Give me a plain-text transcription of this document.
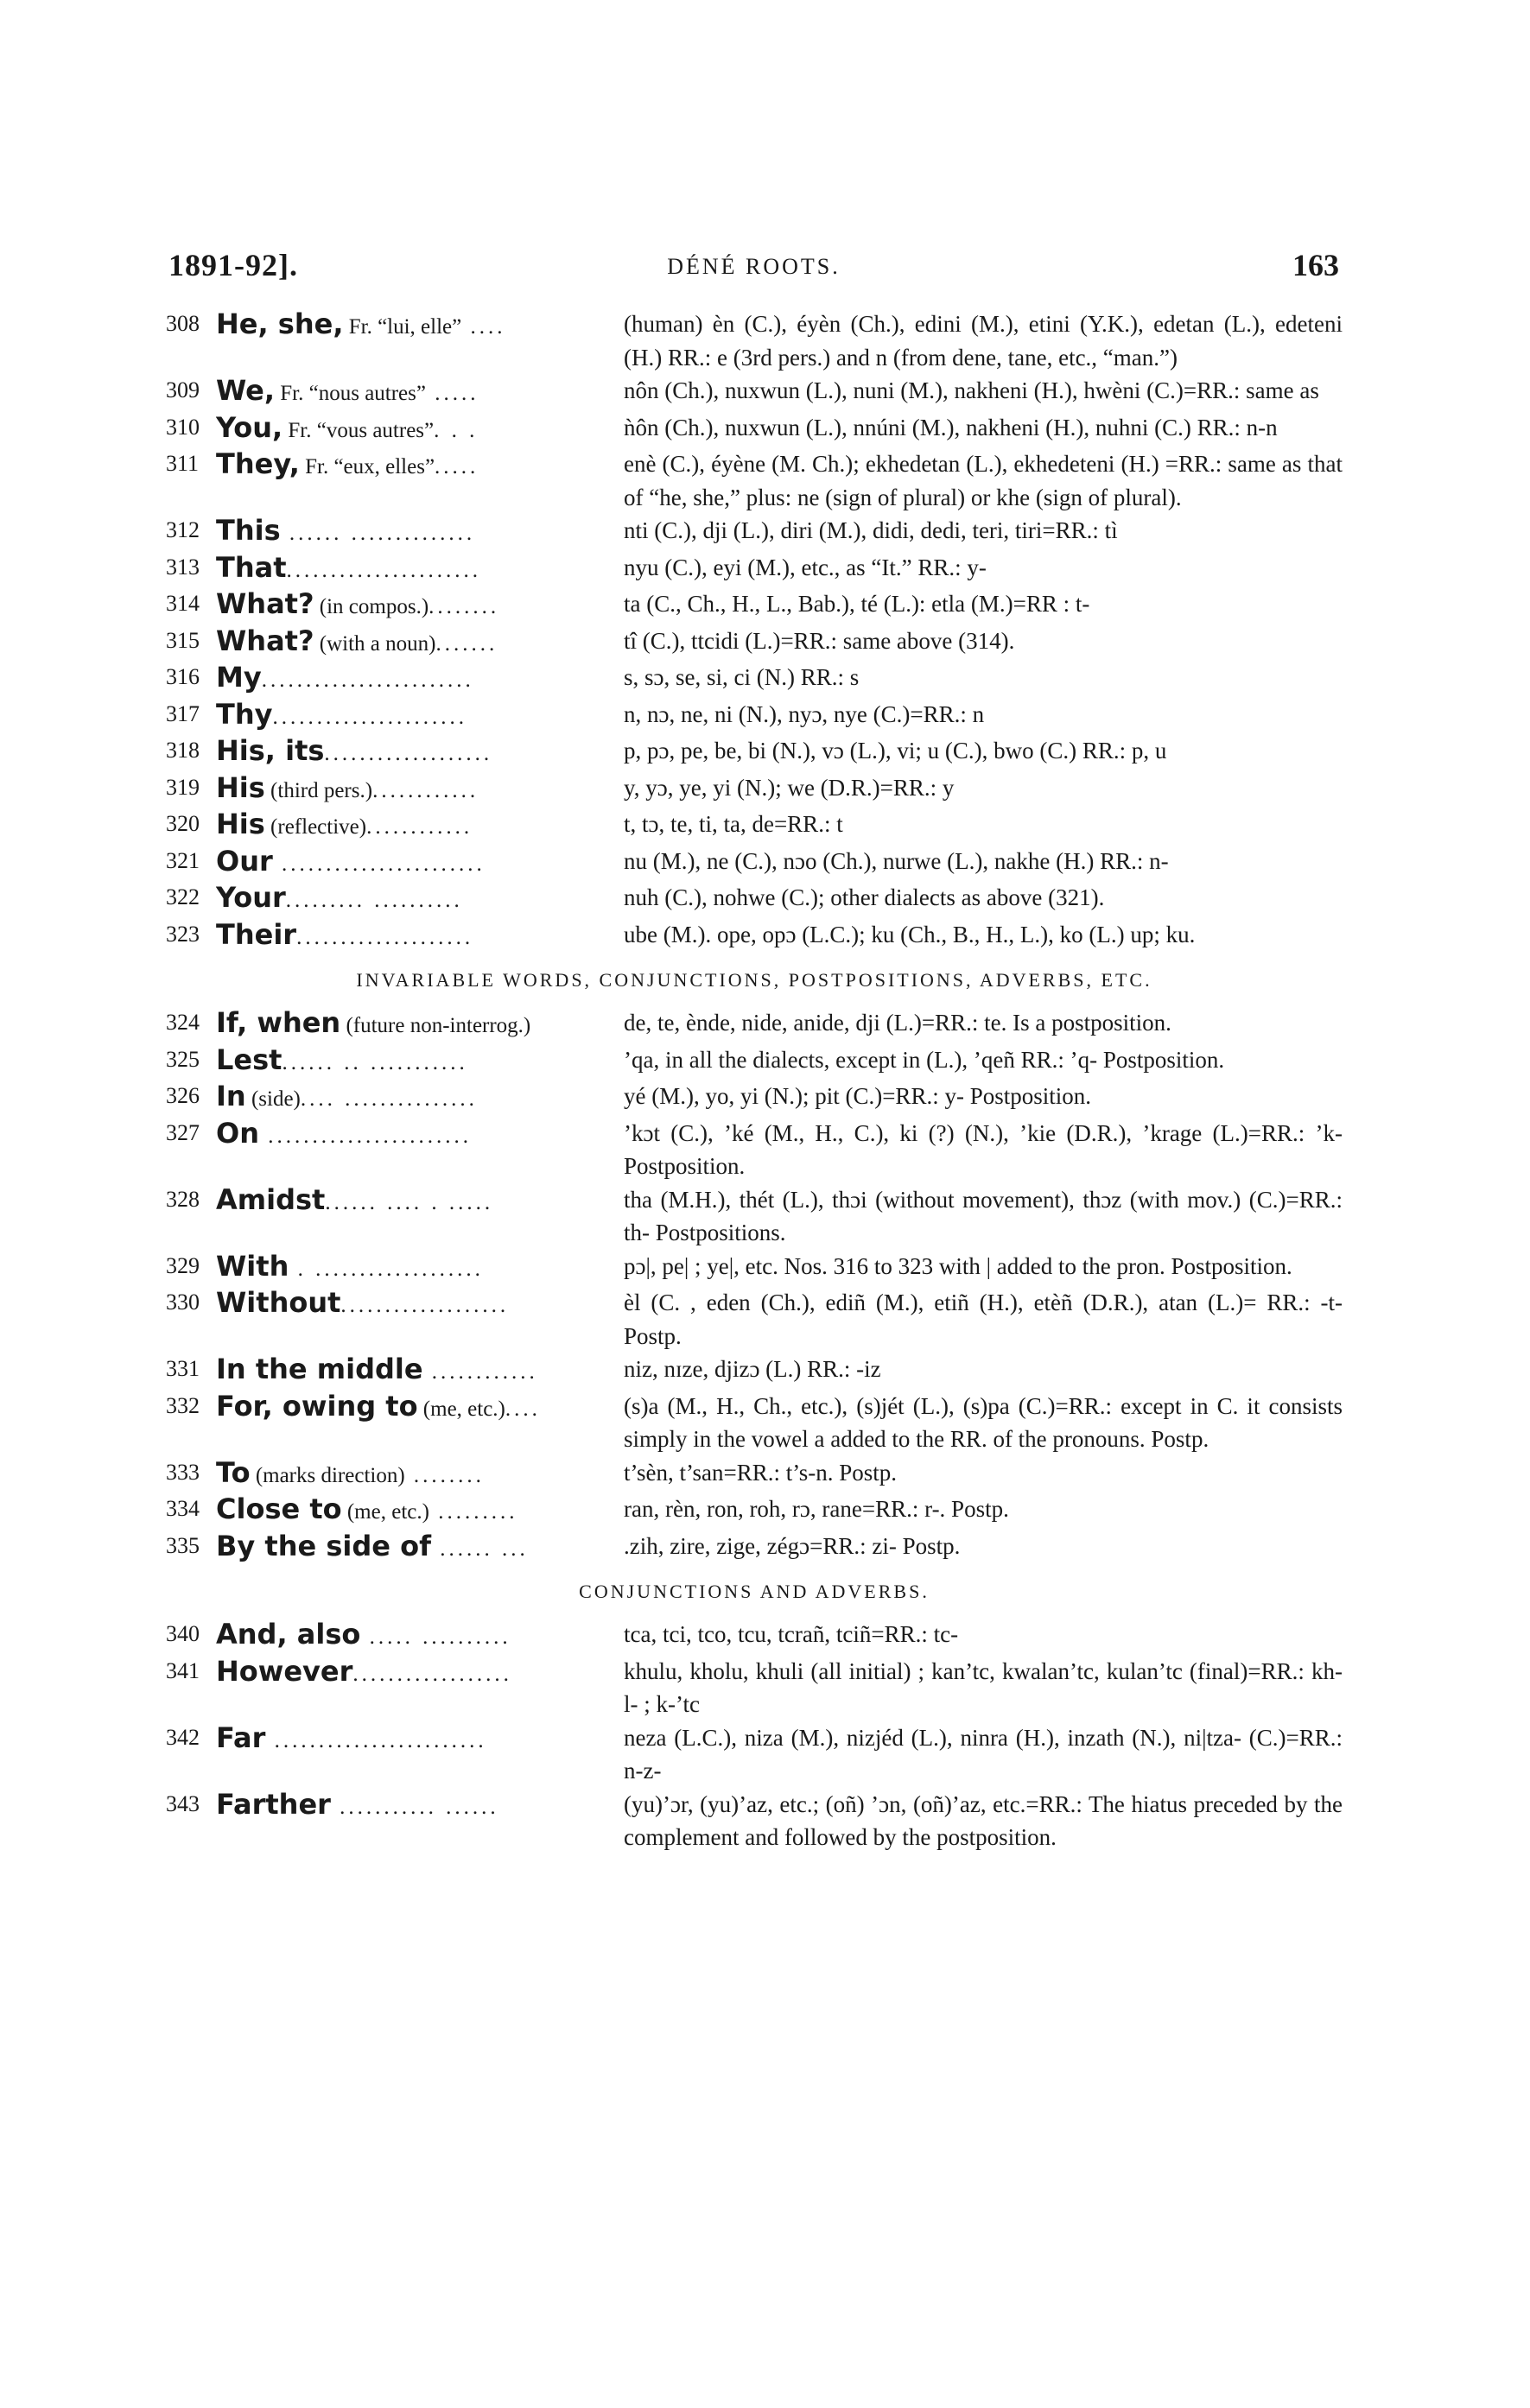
1891-92].	DÉNÉ ROOTS.	163
308 He, she, Fr. “lui, elle” ....	(human) èn (C.), éyèn (Ch.), edini (M.), etini (Y.K.), edetan (L.), edeteni (H.) RR.: e (3rd pers.) and n (from dene, tane, etc., “man.”)
309 We, Fr. “nous autres” .....	nôn (Ch.), nuxwun (L.), nuni (M.), nakheni (H.), hwèni (C.)=RR.: same as
310 You, Fr. “vous autres”. . .	ǹôn (Ch.), nuxwun (L.), nnúni (M.), nakheni (H.), nuhni (C.) RR.: n-n
311 They, Fr. “eux, elles”.....	enè (C.), éyène (M. Ch.); ekhedetan (L.), ekhedeteni (H.) =RR.: same as that of “he, she,” plus: ne (sign of plural) or khe (sign of plural).
312 This ...... ..............	nti (C.), dji (L.), diri (M.), didi, dedi, teri, tiri=RR.: tì
313 That......................	nyu (C.), eyi (M.), etc., as “It.” RR.: y-
314 What? (in compos.)........	ta (C., Ch., H., L., Bab.), té (L.): etla (M.)=RR : t-
315 What? (with a noun).......	tî (C.), ttcidi (L.)=RR.: same above (314).
316 My........................	s, sɔ, se, si, ci (N.) RR.: s
317 Thy......................	n, nɔ, ne, ni (N.), nyɔ, nye (C.)=RR.: n
318 His, its...................	p, pɔ, pe, be, bi (N.), vɔ (L.), vi; u (C.), bwo (C.) RR.: p, u
319 His (third pers.)............	y, yɔ, ye, yi (N.); we (D.R.)=RR.: y
320 His (reflective)............	t, tɔ, te, ti, ta, de=RR.: t
321 Our .......................	nu (M.), ne (C.), nɔo (Ch.), nurwe (L.), nakhe (H.) RR.: n-
322 Your......... ..........	nuh (C.), nohwe (C.); other dialects as above (321).
323 Their....................	ube (M.). ope, opɔ (L.C.); ku (Ch., B., H., L.), ko (L.) up; ku.
INVARIABLE WORDS, CONJUNCTIONS, POSTPOSITIONS, ADVERBS, ETC.
324 If, when (future non-interrog.)	de, te, ènde, nide, anide, dji (L.)=RR.: te. Is a postposition.
325 Lest...... .. ...........	’qa, in all the dialects, except in (L.), ’qeñ RR.: ’q- Postposition.
326 In (side).... ...............	yé (M.), yo, yi (N.); pit (C.)=RR.: y- Postposition.
327 On .......................	’kɔt (C.), ’ké (M., H., C.), ki (?) (N.), ’kie (D.R.), ’krage (L.)=RR.: ’k- Postposition.
328 Amidst...... .... . .....	tha (M.H.), thét (L.), thɔi (without movement), thɔz (with mov.) (C.)=RR.: th- Postpositions.
329 With . ...................	pɔ|, pe| ; ye|, etc. Nos. 316 to 323 with | added to the pron. Postposition.
330 Without...................	èl (C. , eden (Ch.), ediñ (M.), etiñ (H.), etèñ (D.R.), atan (L.)= RR.: -t- Postp.
331 In the middle ............	niz, nɪze, djizɔ (L.) RR.: -iz
332 For, owing to (me, etc.)....	(s)a (M., H., Ch., etc.), (s)jét (L.), (s)pa (C.)=RR.: except in C. it consists simply in the vowel a added to the RR. of the pronouns. Postp.
333 To (marks direction) ........	t’sèn, t’san=RR.: t’s-n. Postp.
334 Close to (me, etc.) .........	ran, rèn, ron, roh, rɔ, rane=RR.: r-. Postp.
335 By the side of ...... ...	.zih, zire, zige, zégɔ=RR.: zi- Postp.
CONJUNCTIONS AND ADVERBS.
340 And, also ..... ..........	tca, tci, tco, tcu, tcrañ, tciñ=RR.: tc-
341 However..................	khulu, kholu, khuli (all initial) ; kan’tc, kwalan’tc, kulan’tc (final)=RR.: kh-l- ; k-’tc
342 Far ........................	neza (L.C.), niza (M.), nizjéd (L.), ninra (H.), inzath (N.), ni|tza- (C.)=RR.: n-z-
343 Farther ........... ......	(yu)’ɔr, (yu)’az, etc.; (oñ) ’ɔn, (oñ)’az, etc.=RR.: The hiatus preceded by the complement and followed by the postposition.
